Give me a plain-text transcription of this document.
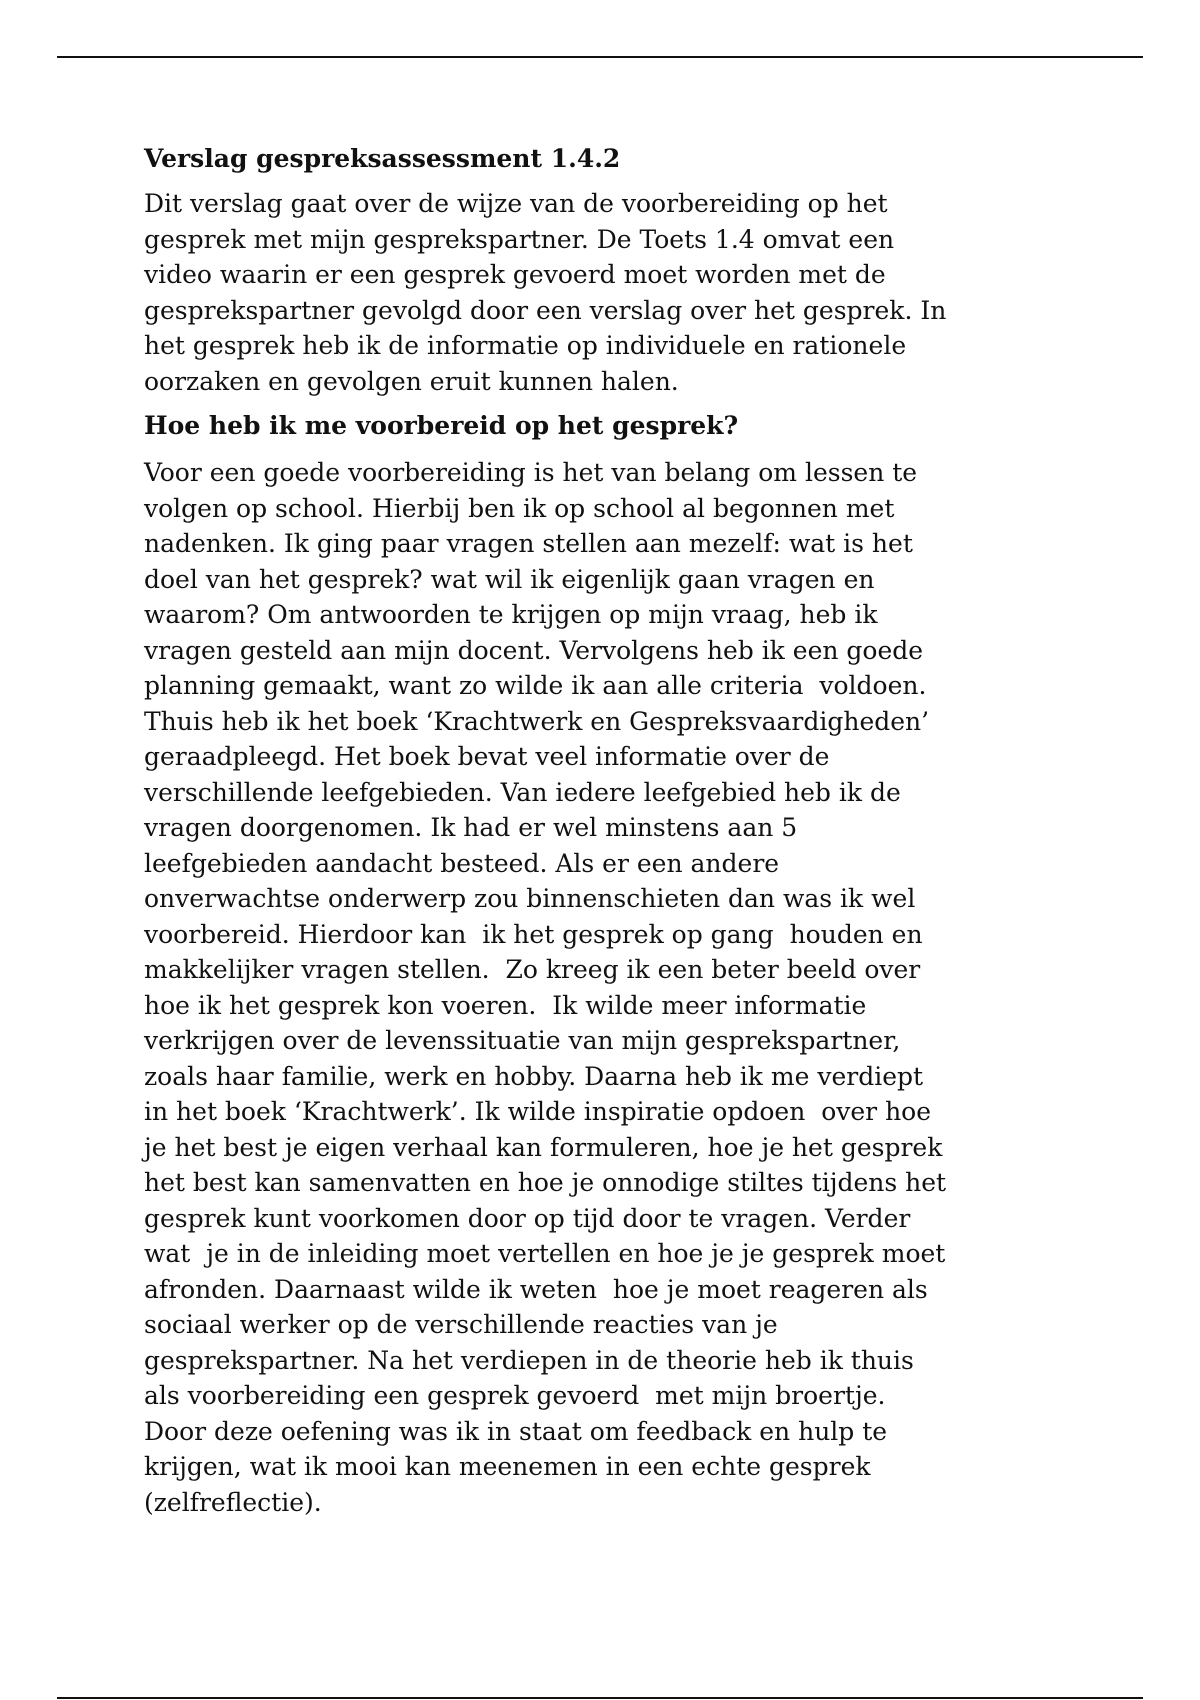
Verslag gespreksassessment 1.4.2

Dit verslag gaat over de wijze van de voorbereiding op het
gesprek met mijn gesprekspartner. De Toets 1.4 omvat een
video waarin er een gesprek gevoerd moet worden met de
gesprekspartner gevolgd door een verslag over het gesprek. In
het gesprek heb ik de informatie op individuele en rationele
oorzaken en gevolgen eruit kunnen halen.

Hoe heb ik me voorbereid op het gesprek?

Voor een goede voorbereiding is het van belang om lessen te
volgen op school. Hierbij ben ik op school al begonnen met
nadenken. Ik ging paar vragen stellen aan mezelf: wat is het
doel van het gesprek? wat wil ik eigenlijk gaan vragen en
waarom? Om antwoorden te krijgen op mijn vraag, heb ik
vragen gesteld aan mijn docent. Vervolgens heb ik een goede
planning gemaakt, want zo wilde ik aan alle criteria  voldoen.
Thuis heb ik het boek ‘Krachtwerk en Gespreksvaardigheden’
geraadpleegd. Het boek bevat veel informatie over de
verschillende leefgebieden. Van iedere leefgebied heb ik de
vragen doorgenomen. Ik had er wel minstens aan 5
leefgebieden aandacht besteed. Als er een andere
onverwachtse onderwerp zou binnenschieten dan was ik wel
voorbereid. Hierdoor kan  ik het gesprek op gang  houden en
makkelijker vragen stellen.  Zo kreeg ik een beter beeld over
hoe ik het gesprek kon voeren.  Ik wilde meer informatie
verkrijgen over de levenssituatie van mijn gesprekspartner,
zoals haar familie, werk en hobby. Daarna heb ik me verdiept
in het boek ‘Krachtwerk’. Ik wilde inspiratie opdoen  over hoe
je het best je eigen verhaal kan formuleren, hoe je het gesprek
het best kan samenvatten en hoe je onnodige stiltes tijdens het
gesprek kunt voorkomen door op tijd door te vragen. Verder
wat  je in de inleiding moet vertellen en hoe je je gesprek moet
afronden. Daarnaast wilde ik weten  hoe je moet reageren als
sociaal werker op de verschillende reacties van je
gesprekspartner. Na het verdiepen in de theorie heb ik thuis
als voorbereiding een gesprek gevoerd  met mijn broertje.
Door deze oefening was ik in staat om feedback en hulp te
krijgen, wat ik mooi kan meenemen in een echte gesprek
(zelfreflectie).
